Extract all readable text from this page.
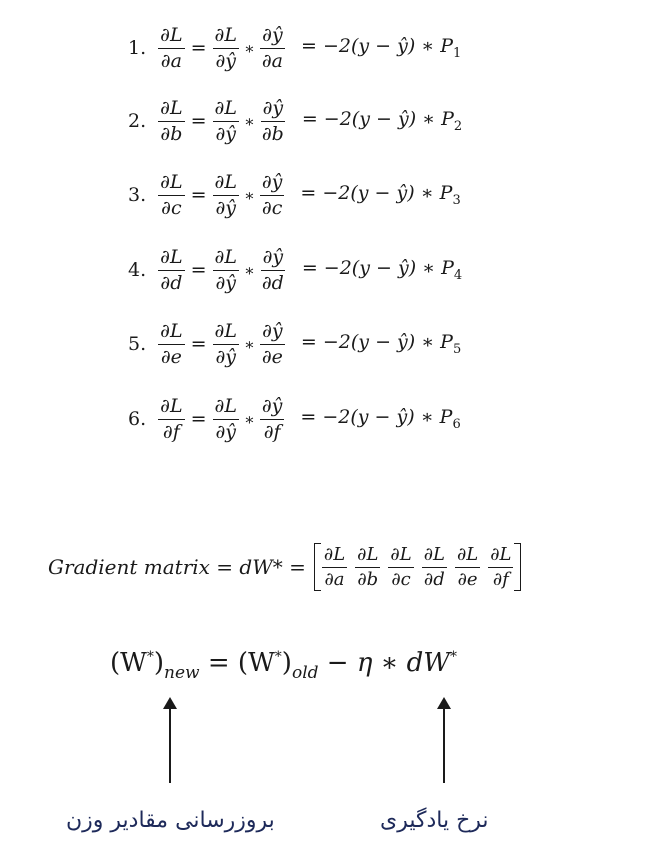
1. $\frac{\partial L}{\partial a} = \frac{\partial L}{\partial ŷ}$ ∗ $\frac{\partial ŷ}{\partial a} = -2(y$ − ŷ) ∗ $P_1$
2. $\frac{\partial L}{\partial b} = \frac{\partial L}{\partial ŷ}$ ∗ $\frac{\partial ŷ}{\partial b} = -2(y$ − ŷ) ∗ $P_2$
3. $\frac{\partial L}{\partial c} = \frac{\partial L}{\partial ŷ}$ ∗ $\frac{\partial ŷ}{\partial c} = -2(y$ − ŷ) ∗ $P_3$
4. $\frac{\partial L}{\partial d} = \frac{\partial L}{\partial ŷ}$ ∗ $\frac{\partial ŷ}{\partial d} = -2(y$ − ŷ) ∗ $P_4$
5. $\frac{\partial L}{\partial e} = \frac{\partial L}{\partial ŷ}$ ∗ $\frac{\partial ŷ}{\partial e} = -2(y$ − ŷ) ∗ $P_5$
6. $\frac{\partial L}{\partial f} = \frac{\partial L}{\partial ŷ}$ ∗ $\frac{\partial ŷ}{\partial f} = -2(y$ − ŷ) ∗ $P_6$
Gradient matrix = $dW* = \frac{\partial L}{\partial a} \frac{\partial L}{\partial b} \frac{\partial L}{\partial c} \frac{\partial L}{\partial d} \frac{\partial L}{\partial e} \frac{\partial L}{\partial f}$
$(W^*)_{new} = (W^*)_{old} - \eta$ ∗ dW*
بروزرسانی مقادیر وزن	نرخ یادگیری
